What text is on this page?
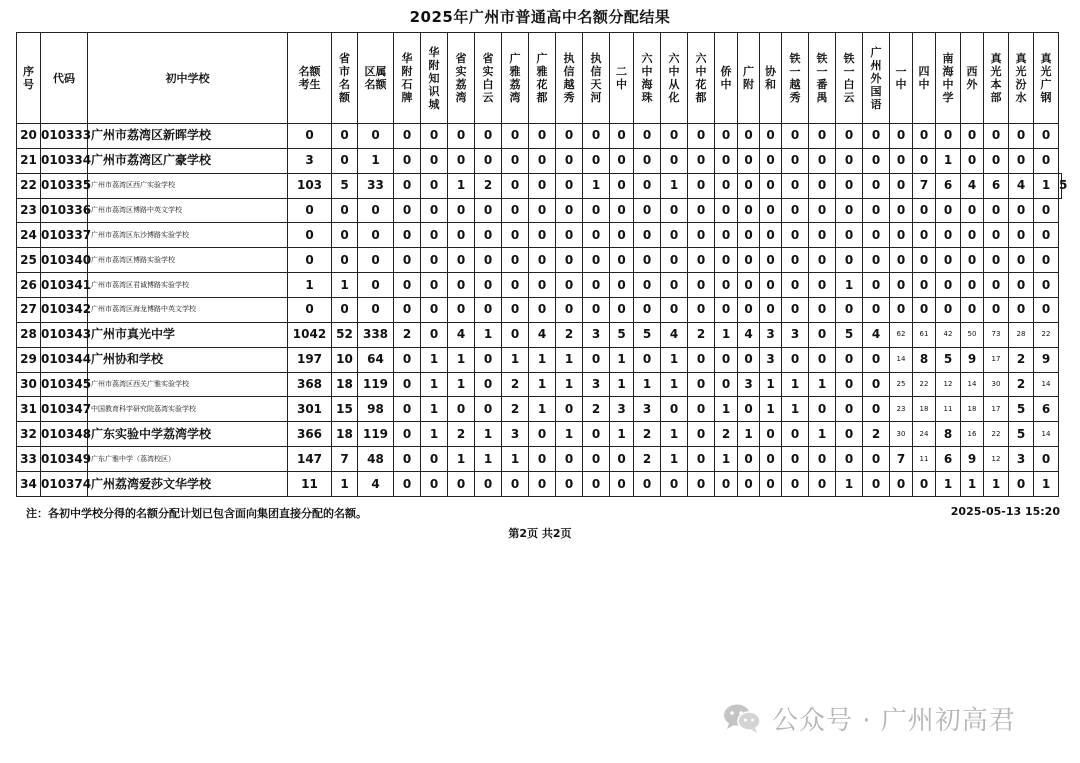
2025年广州市普通高中名额分配结果
序号	代码	初中学校	名额考生	省市名额	区属名额	华附石牌	华附知识城	省实荔湾	省实白云	广雅荔湾	广雅花都	执信越秀	执信天河	二中	六中海珠	六中从化	六中花都	侨中	广附	协和	铁一越秀	铁一番禺	铁一白云	广州外国语	一中	四中	南海中学	西外	真光本部	真光汾水	真光广钢	
20	010333	广州市荔湾区新晖学校	0	0	0	0	0	0	0	0	0	0	0	0	0	0	0	0	0	0	0	0	0	0	0	0	0	0	0	0	0	
21	010334	广州市荔湾区广豪学校	3	0	1	0	0	0	0	0	0	0	0	0	0	0	0	0	0	0	0	0	0	0	0	0	1	0	0	0	0	
22	010335	广州市荔湾区西广实验学校	103	5	33	0	0	1	2	0	0	0	1	0	0	1	0	0	0	0	0	0	0	0	0	7	6	4	6	4	1	5
23	010336	广州市荔湾区博路中英文学校	0	0	0	0	0	0	0	0	0	0	0	0	0	0	0	0	0	0	0	0	0	0	0	0	0	0	0	0	0	
24	010337	广州市荔湾区东沙博路实验学校	0	0	0	0	0	0	0	0	0	0	0	0	0	0	0	0	0	0	0	0	0	0	0	0	0	0	0	0	0	
25	010340	广州市荔湾区博路实验学校	0	0	0	0	0	0	0	0	0	0	0	0	0	0	0	0	0	0	0	0	0	0	0	0	0	0	0	0	0	
26	010341	广州市荔湾区君诚博路实验学校	1	1	0	0	0	0	0	0	0	0	0	0	0	0	0	0	0	0	0	0	1	0	0	0	0	0	0	0	0	
27	010342	广州市荔湾区海龙博路中英文学校	0	0	0	0	0	0	0	0	0	0	0	0	0	0	0	0	0	0	0	0	0	0	0	0	0	0	0	0	0	
28	010343	广州市真光中学	1042	52	338	2	0	4	1	0	4	2	3	5	5	4	2	1	4	3	3	0	5	4	62	61	42	50	73	28	22	
29	010344	广州协和学校	197	10	64	0	1	1	0	1	1	1	0	1	0	1	0	0	0	3	0	0	0	0	14	8	5	9	17	2	9	
30	010345	广州市荔湾区西关广雅实验学校	368	18	119	0	1	1	0	2	1	1	3	1	1	1	0	0	3	1	1	1	0	0	25	22	12	14	30	2	14	
31	010347	中国教育科学研究院荔湾实验学校	301	15	98	0	1	0	0	2	1	0	2	3	3	0	0	1	0	1	1	0	0	0	23	18	11	18	17	5	6	
32	010348	广东实验中学荔湾学校	366	18	119	0	1	2	1	3	0	1	0	1	2	1	0	2	1	0	0	1	0	2	30	24	8	16	22	5	14	
33	010349	广东广雅中学（荔湾校区）	147	7	48	0	0	1	1	1	0	0	0	0	2	1	0	1	0	0	0	0	0	0	7	11	6	9	12	3	0	
34	010374	广州荔湾爱莎文华学校	11	1	4	0	0	0	0	0	0	0	0	0	0	0	0	0	0	0	0	0	1	0	0	0	1	1	1	0	1	
注：各初中学校分得的名额分配计划已包含面向集团直接分配的名额。	2025-05-13 15:20
第2页 共2页
公众号 · 广州初高君
